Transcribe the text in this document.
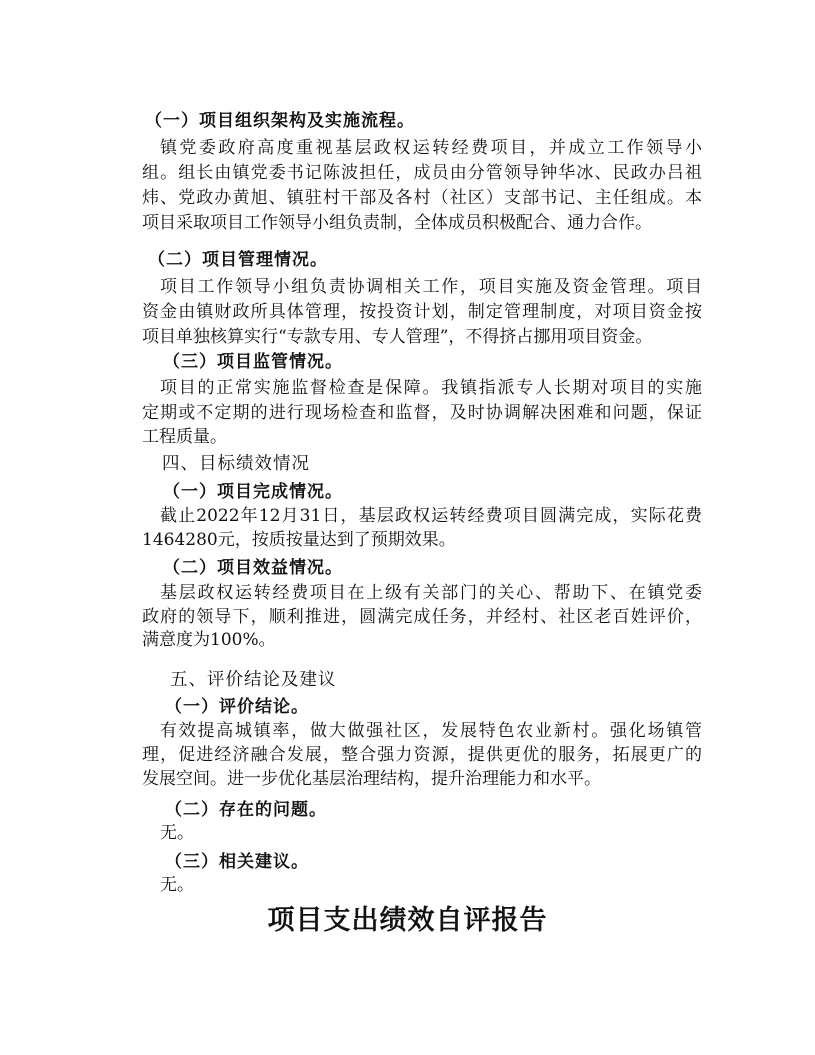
（一）项目组织架构及实施流程。
镇党委政府高度重视基层政权运转经费项目，并成立工作领导小
组。组长由镇党委书记陈波担任，成员由分管领导钟华冰、民政办吕祖
炜、党政办黄旭、镇驻村干部及各村（社区）支部书记、主任组成。本
项目采取项目工作领导小组负责制，全体成员积极配合、通力合作。
（二）项目管理情况。
项目工作领导小组负责协调相关工作，项目实施及资金管理。项目
资金由镇财政所具体管理，按投资计划，制定管理制度，对项目资金按
项目单独核算实行“专款专用、专人管理”，不得挤占挪用项目资金。
（三）项目监管情况。
项目的正常实施监督检查是保障。我镇指派专人长期对项目的实施
定期或不定期的进行现场检查和监督，及时协调解决困难和问题，保证
工程质量。
四、目标绩效情况
（一）项目完成情况。
截止2022年12月31日，基层政权运转经费项目圆满完成，实际花费
1464280元，按质按量达到了预期效果。
（二）项目效益情况。
基层政权运转经费项目在上级有关部门的关心、帮助下、在镇党委
政府的领导下，顺利推进，圆满完成任务，并经村、社区老百姓评价，
满意度为100%。
五、评价结论及建议
（一）评价结论。
有效提高城镇率，做大做强社区，发展特色农业新村。强化场镇管
理，促进经济融合发展，整合强力资源，提供更优的服务，拓展更广的
发展空间。进一步优化基层治理结构，提升治理能力和水平。
（二）存在的问题。
无。
（三）相关建议。
无。
项目支出绩效自评报告
